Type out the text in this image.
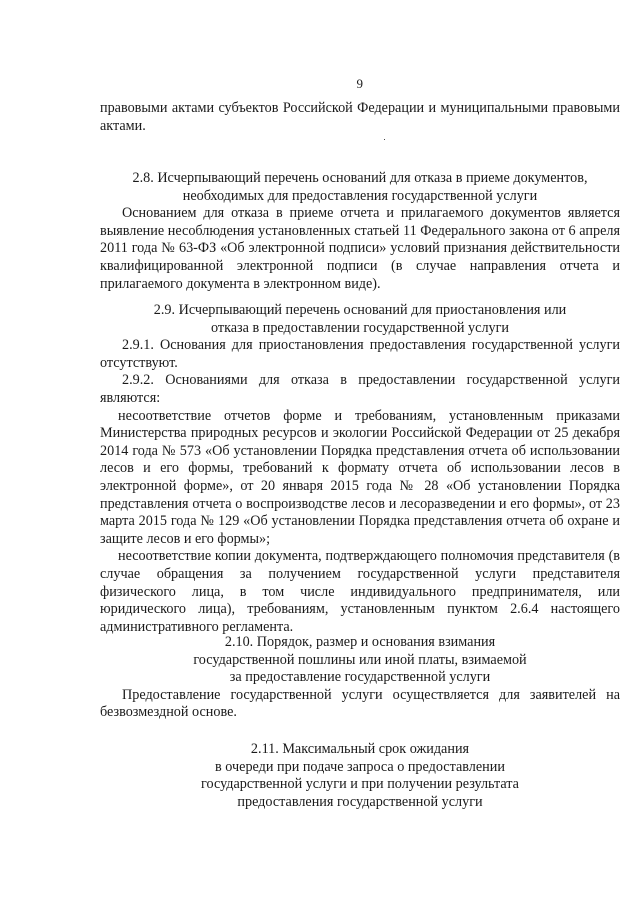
9

правовыми актами субъектов Российской Федерации и муниципальными правовыми актами.

2.8. Исчерпывающий перечень оснований для отказа в приеме документов,

необходимых для предоставления государственной услуги

Основанием для отказа в приеме отчета и прилагаемого документов является выявление несоблюдения установленных статьей 11 Федерального закона от 6 апреля 2011 года № 63-ФЗ «Об электронной подписи» условий признания действительности квалифицированной электронной подписи (в случае направления отчета и прилагаемого документа в электронном виде).

2.9. Исчерпывающий перечень оснований для приостановления или

отказа в предоставлении государственной услуги

2.9.1. Основания для приостановления предоставления государственной услуги отсутствуют.

2.9.2. Основаниями для отказа в предоставлении государственной услуги являются:

несоответствие отчетов форме и требованиям, установленным приказами Министерства природных ресурсов и экологии Российской Федерации от 25 декабря 2014 года № 573 «Об установлении Порядка представления отчета об использовании лесов и его формы, требований к формату отчета об использовании лесов в электронной форме», от 20 января 2015 года № 28 «Об установлении Порядка представления отчета о воспроизводстве лесов и лесоразведении и его формы», от 23 марта 2015 года № 129 «Об установлении Порядка представления отчета об охране и защите лесов и его формы»;

несоответствие копии документа, подтверждающего полномочия представителя (в случае обращения за получением государственной услуги представителя физического лица, в том числе индивидуального предпринимателя, или юридического лица), требованиям, установленным пунктом 2.6.4 настоящего административного регламента.

2.10. Порядок, размер и основания взимания

государственной пошлины или иной платы, взимаемой

за предоставление государственной услуги

Предоставление государственной услуги осуществляется для заявителей на безвозмездной основе.

2.11. Максимальный срок ожидания

в очереди при подаче запроса о предоставлении

государственной услуги и при получении результата

предоставления государственной услуги
